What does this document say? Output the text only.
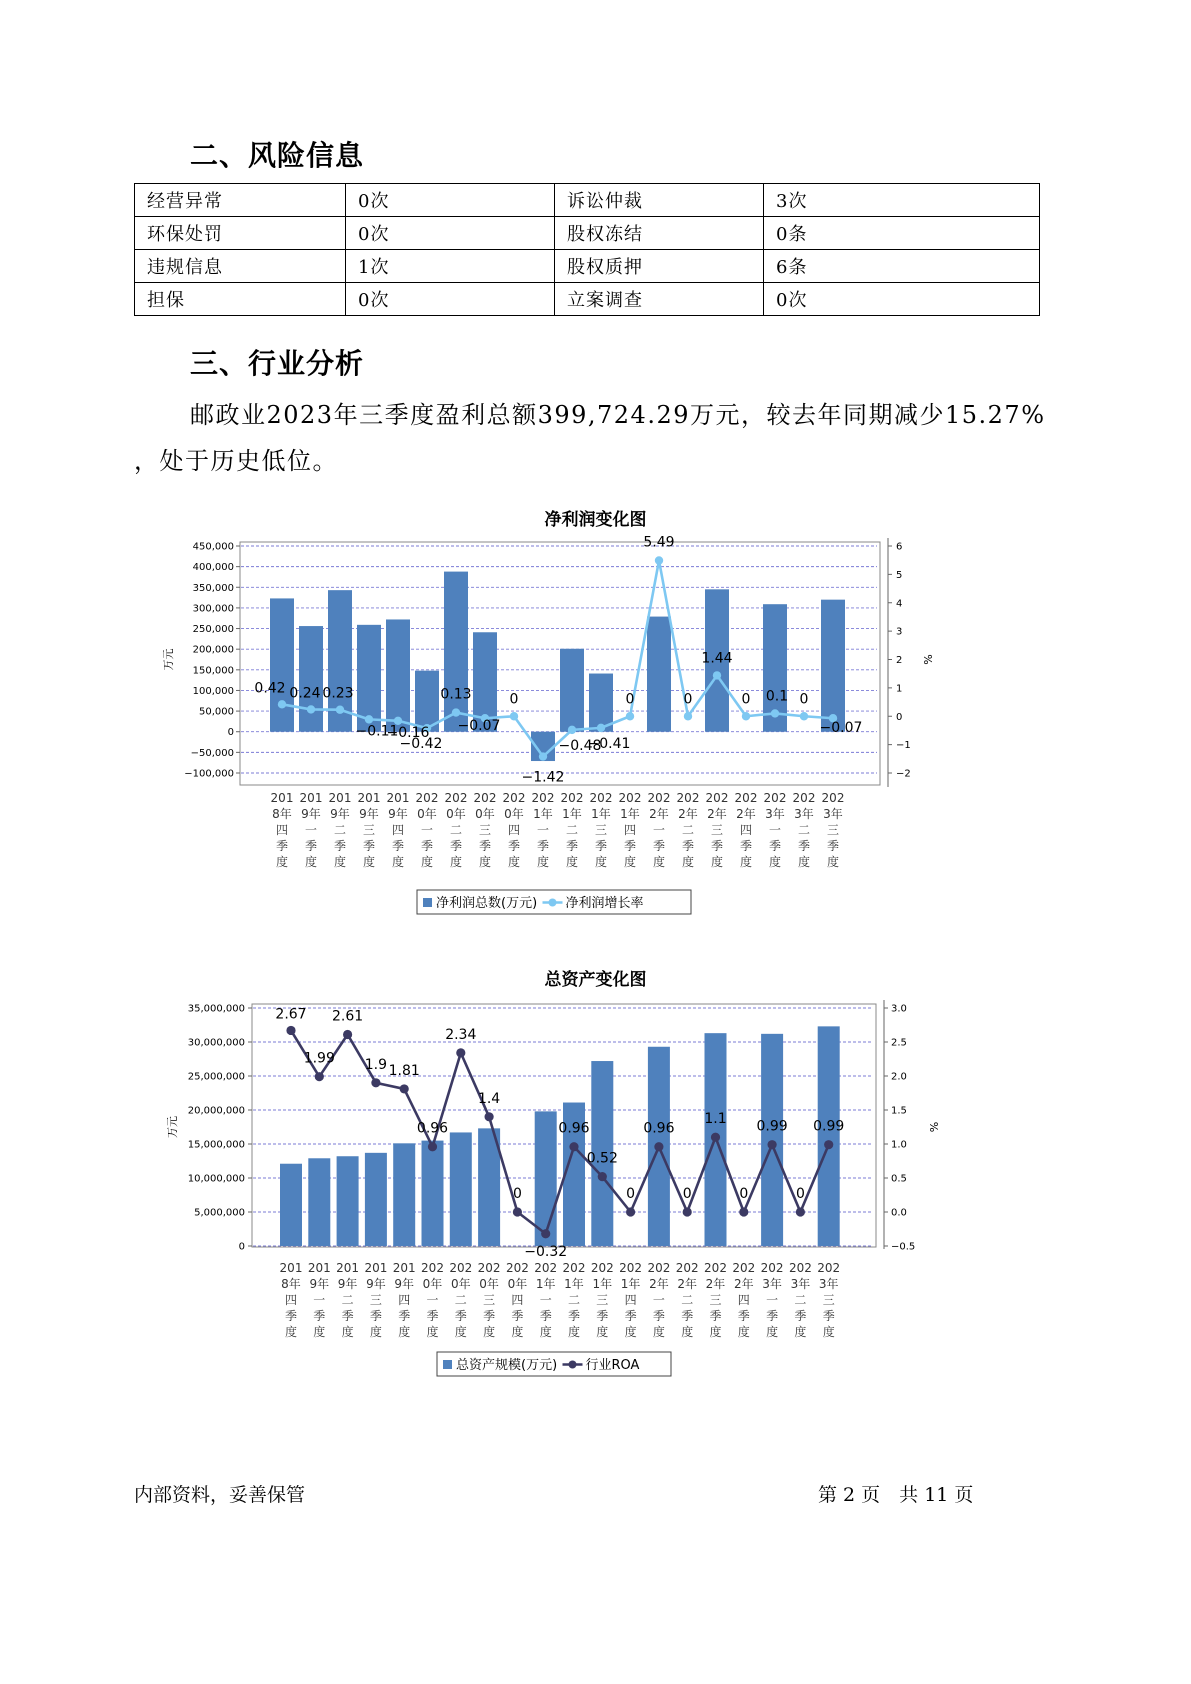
二、风险信息
经营异常	0次	诉讼仲裁	3次
环保处罚	0次	股权冻结	0条
违规信息	1次	股权质押	6条
担保	0次	立案调查	0次
三、行业分析
邮政业2023年三季度盈利总额399,724.29万元，较去年同期减少15.27%
，处于历史低位。
净利润变化图
450,000
400,000
350,000
300,000
250,000
200,000
150,000
100,000
50,000
0
−50,000
−100,000
6
5
4
3
2
1
0
−1
−2
万元	%
0.42 0.24 0.23
−0.11
−0.16
−0.42
0.13
−0.07
0
−1.42
−0.48
−0.41
0
5.49
0
1.44
0 0.1 0
−0.07
201
8年
四
季
度
201
9年
一
季
度
201
9年
二
季
度
201
9年
三
季
度
201
9年
四
季
度
202
0年
一
季
度
202
0年
二
季
度
202
0年
三
季
度
202
0年
四
季
度
202
1年
一
季
度
202
1年
二
季
度
202
1年
三
季
度
202
1年
四
季
度
202
2年
一
季
度
202
2年
二
季
度
202
2年
三
季
度
202
2年
四
季
度
202
3年
一
季
度
202
3年
二
季
度
202
3年
三
季
度
净利润总数(万元) 净利润增长率
总资产变化图
35,000,000
30,000,000
25,000,000
20,000,000
15,000,000
10,000,000
5,000,000
0
3.0
2.5
2.0
1.5
1.0
0.5
0.0
−0.5
万元	%
2.67
1.99
2.61
1.9 1.81
0.96
2.34
1.4
0
−0.32
0.96
0.52
0
0.96
0
1.1
0
0.99
0
0.99
201
8年
四
季
度
201
9年
一
季
度
201
9年
二
季
度
201
9年
三
季
度
201
9年
四
季
度
202
0年
一
季
度
202
0年
二
季
度
202
0年
三
季
度
202
0年
四
季
度
202
1年
一
季
度
202
1年
二
季
度
202
1年
三
季
度
202
1年
四
季
度
202
2年
一
季
度
202
2年
二
季
度
202
2年
三
季
度
202
2年
四
季
度
202
3年
一
季
度
202
3年
二
季
度
202
3年
三
季
度
总资产规模(万元) 行业ROA
内部资料，妥善保管	第 2 页　共 11 页
